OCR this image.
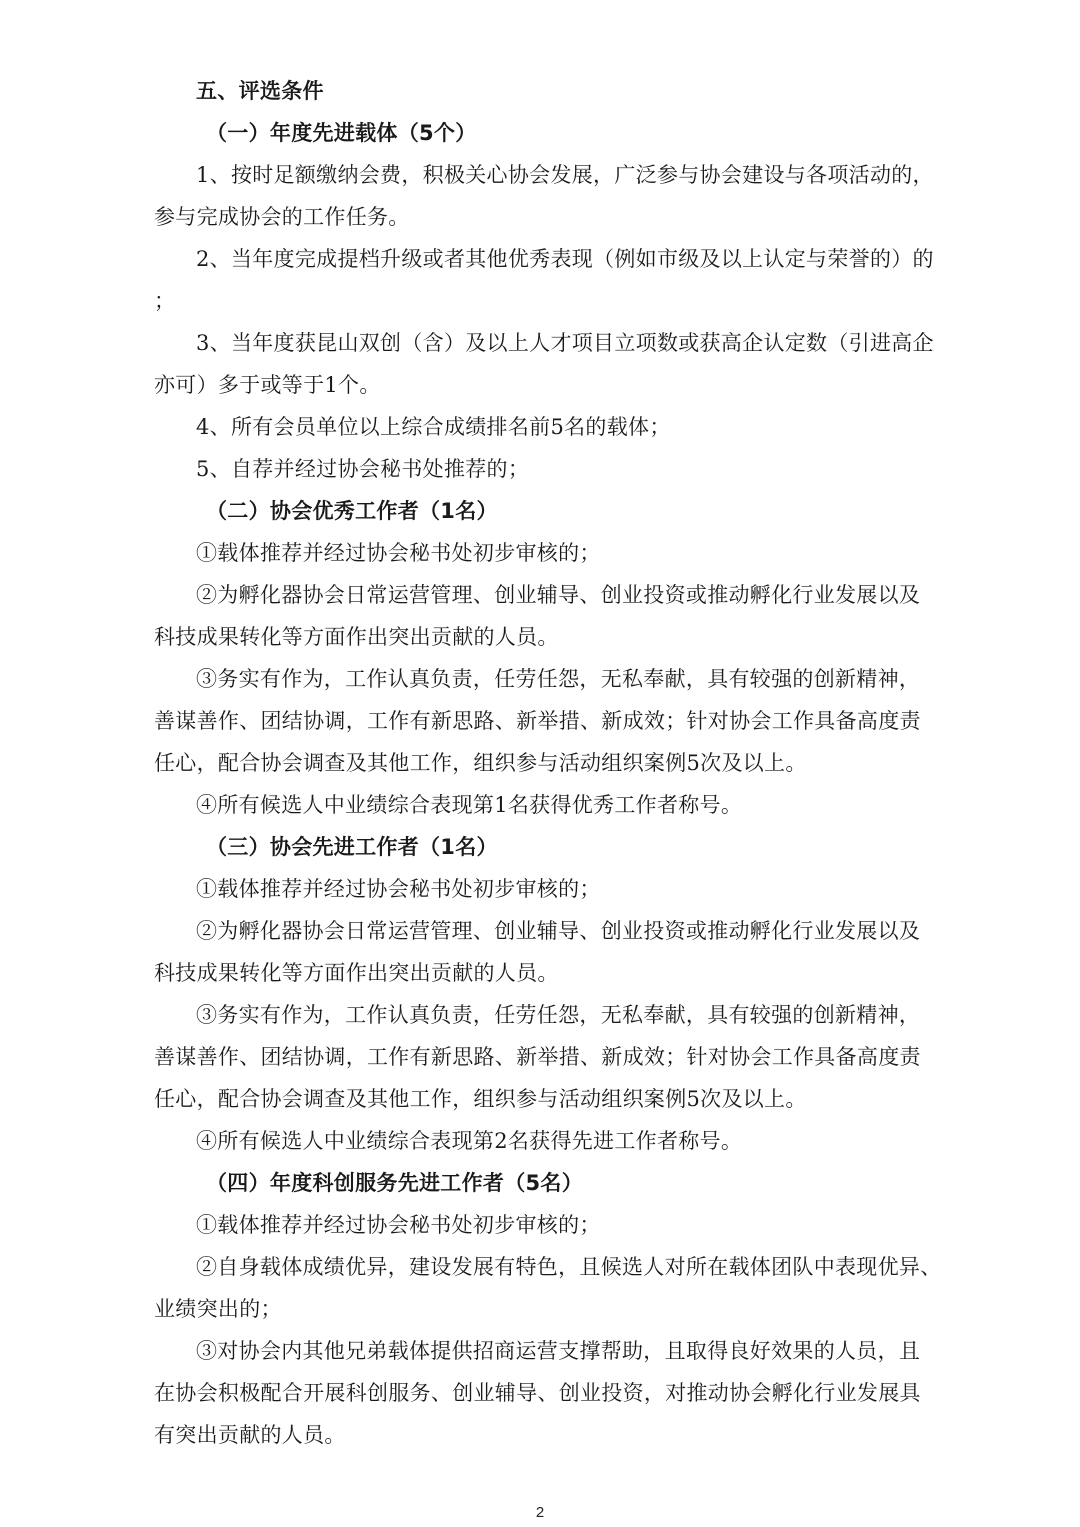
五、评选条件
（一）年度先进载体（5个）
1、按时足额缴纳会费，积极关心协会发展，广泛参与协会建设与各项活动的，
参与完成协会的工作任务。
2、当年度完成提档升级或者其他优秀表现（例如市级及以上认定与荣誉的）的
；
3、当年度获昆山双创（含）及以上人才项目立项数或获高企认定数（引进高企
亦可）多于或等于1个。
4、所有会员单位以上综合成绩排名前5名的载体；
5、自荐并经过协会秘书处推荐的；
（二）协会优秀工作者（1名）
①载体推荐并经过协会秘书处初步审核的；
②为孵化器协会日常运营管理、创业辅导、创业投资或推动孵化行业发展以及
科技成果转化等方面作出突出贡献的人员。
③务实有作为，工作认真负责，任劳任怨，无私奉献，具有较强的创新精神，
善谋善作、团结协调，工作有新思路、新举措、新成效；针对协会工作具备高度责
任心，配合协会调查及其他工作，组织参与活动组织案例5次及以上。
④所有候选人中业绩综合表现第1名获得优秀工作者称号。
（三）协会先进工作者（1名）
①载体推荐并经过协会秘书处初步审核的；
②为孵化器协会日常运营管理、创业辅导、创业投资或推动孵化行业发展以及
科技成果转化等方面作出突出贡献的人员。
③务实有作为，工作认真负责，任劳任怨，无私奉献，具有较强的创新精神，
善谋善作、团结协调，工作有新思路、新举措、新成效；针对协会工作具备高度责
任心，配合协会调查及其他工作，组织参与活动组织案例5次及以上。
④所有候选人中业绩综合表现第2名获得先进工作者称号。
（四）年度科创服务先进工作者（5名）
①载体推荐并经过协会秘书处初步审核的；
②自身载体成绩优异，建设发展有特色，且候选人对所在载体团队中表现优异、
业绩突出的；
③对协会内其他兄弟载体提供招商运营支撑帮助，且取得良好效果的人员，且
在协会积极配合开展科创服务、创业辅导、创业投资，对推动协会孵化行业发展具
有突出贡献的人员。
2
